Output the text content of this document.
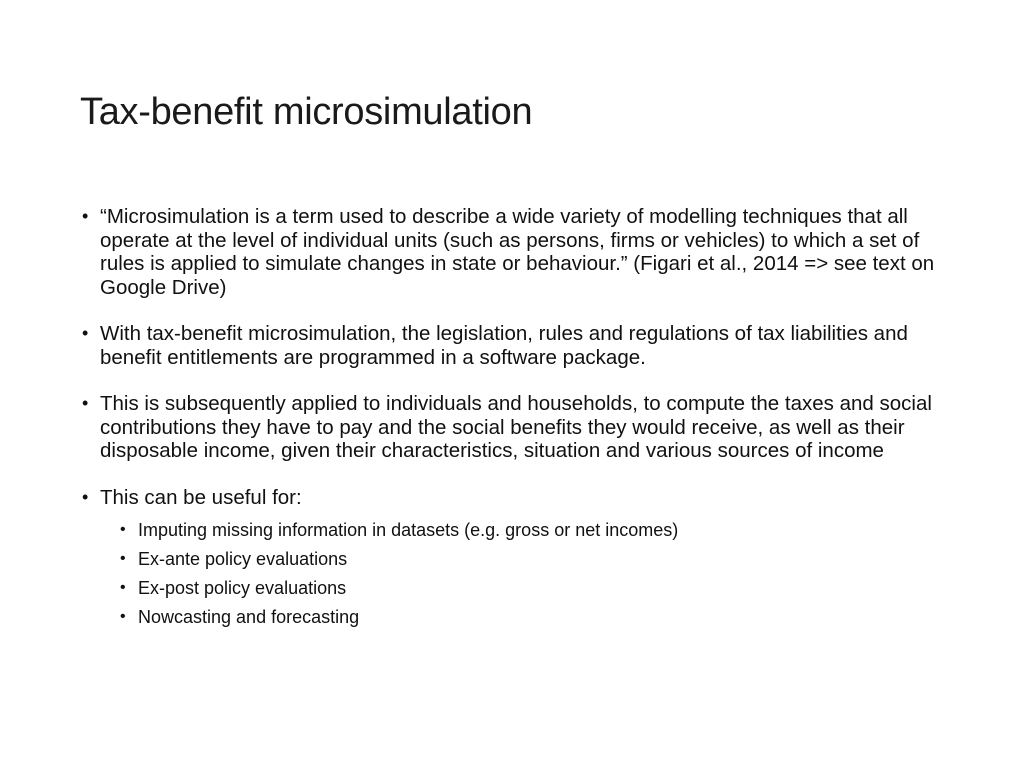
Tax-benefit microsimulation
• “Microsimulation is a term used to describe a wide variety of modelling techniques that all operate at the level of individual units (such as persons, firms or vehicles) to which a set of rules is applied to simulate changes in state or behaviour.” (Figari et al., 2014 => see text on Google Drive)
• With tax-benefit microsimulation, the legislation, rules and regulations of tax liabilities and benefit entitlements are programmed in a software package.
• This is subsequently applied to individuals and households, to compute the taxes and social contributions they have to pay and the social benefits they would receive, as well as their disposable income, given their characteristics, situation and various sources of income
• This can be useful for:
• Imputing missing information in datasets (e.g. gross or net incomes)
• Ex-ante policy evaluations
• Ex-post policy evaluations
• Nowcasting and forecasting
